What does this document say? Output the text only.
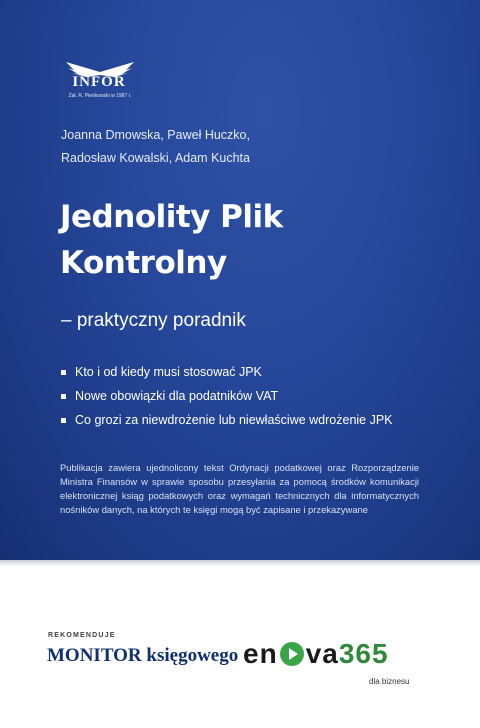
INFOR
Zał. R. Pieńkowski w 1987 r.
Joanna Dmowska, Paweł Huczko,
Radosław Kowalski, Adam Kuchta
Jednolity Plik
Kontrolny
– praktyczny poradnik
Kto i od kiedy musi stosować JPK
Nowe obowiązki dla podatników VAT
Co grozi za niewdrożenie lub niewłaściwe wdrożenie JPK
Publikacja zawiera ujednolicony tekst Ordynacji podatkowej oraz Rozporządzenie Ministra Finansów w sprawie sposobu przesyłania za pomocą środków komunikacji elektronicznej ksiąg podatkowych oraz wymagań technicznych dla informatycznych nośników danych, na których te księgi mogą być zapisane i przekazywane
REKOMENDUJE
MONITOR księgowego en va365
dla biznesu
